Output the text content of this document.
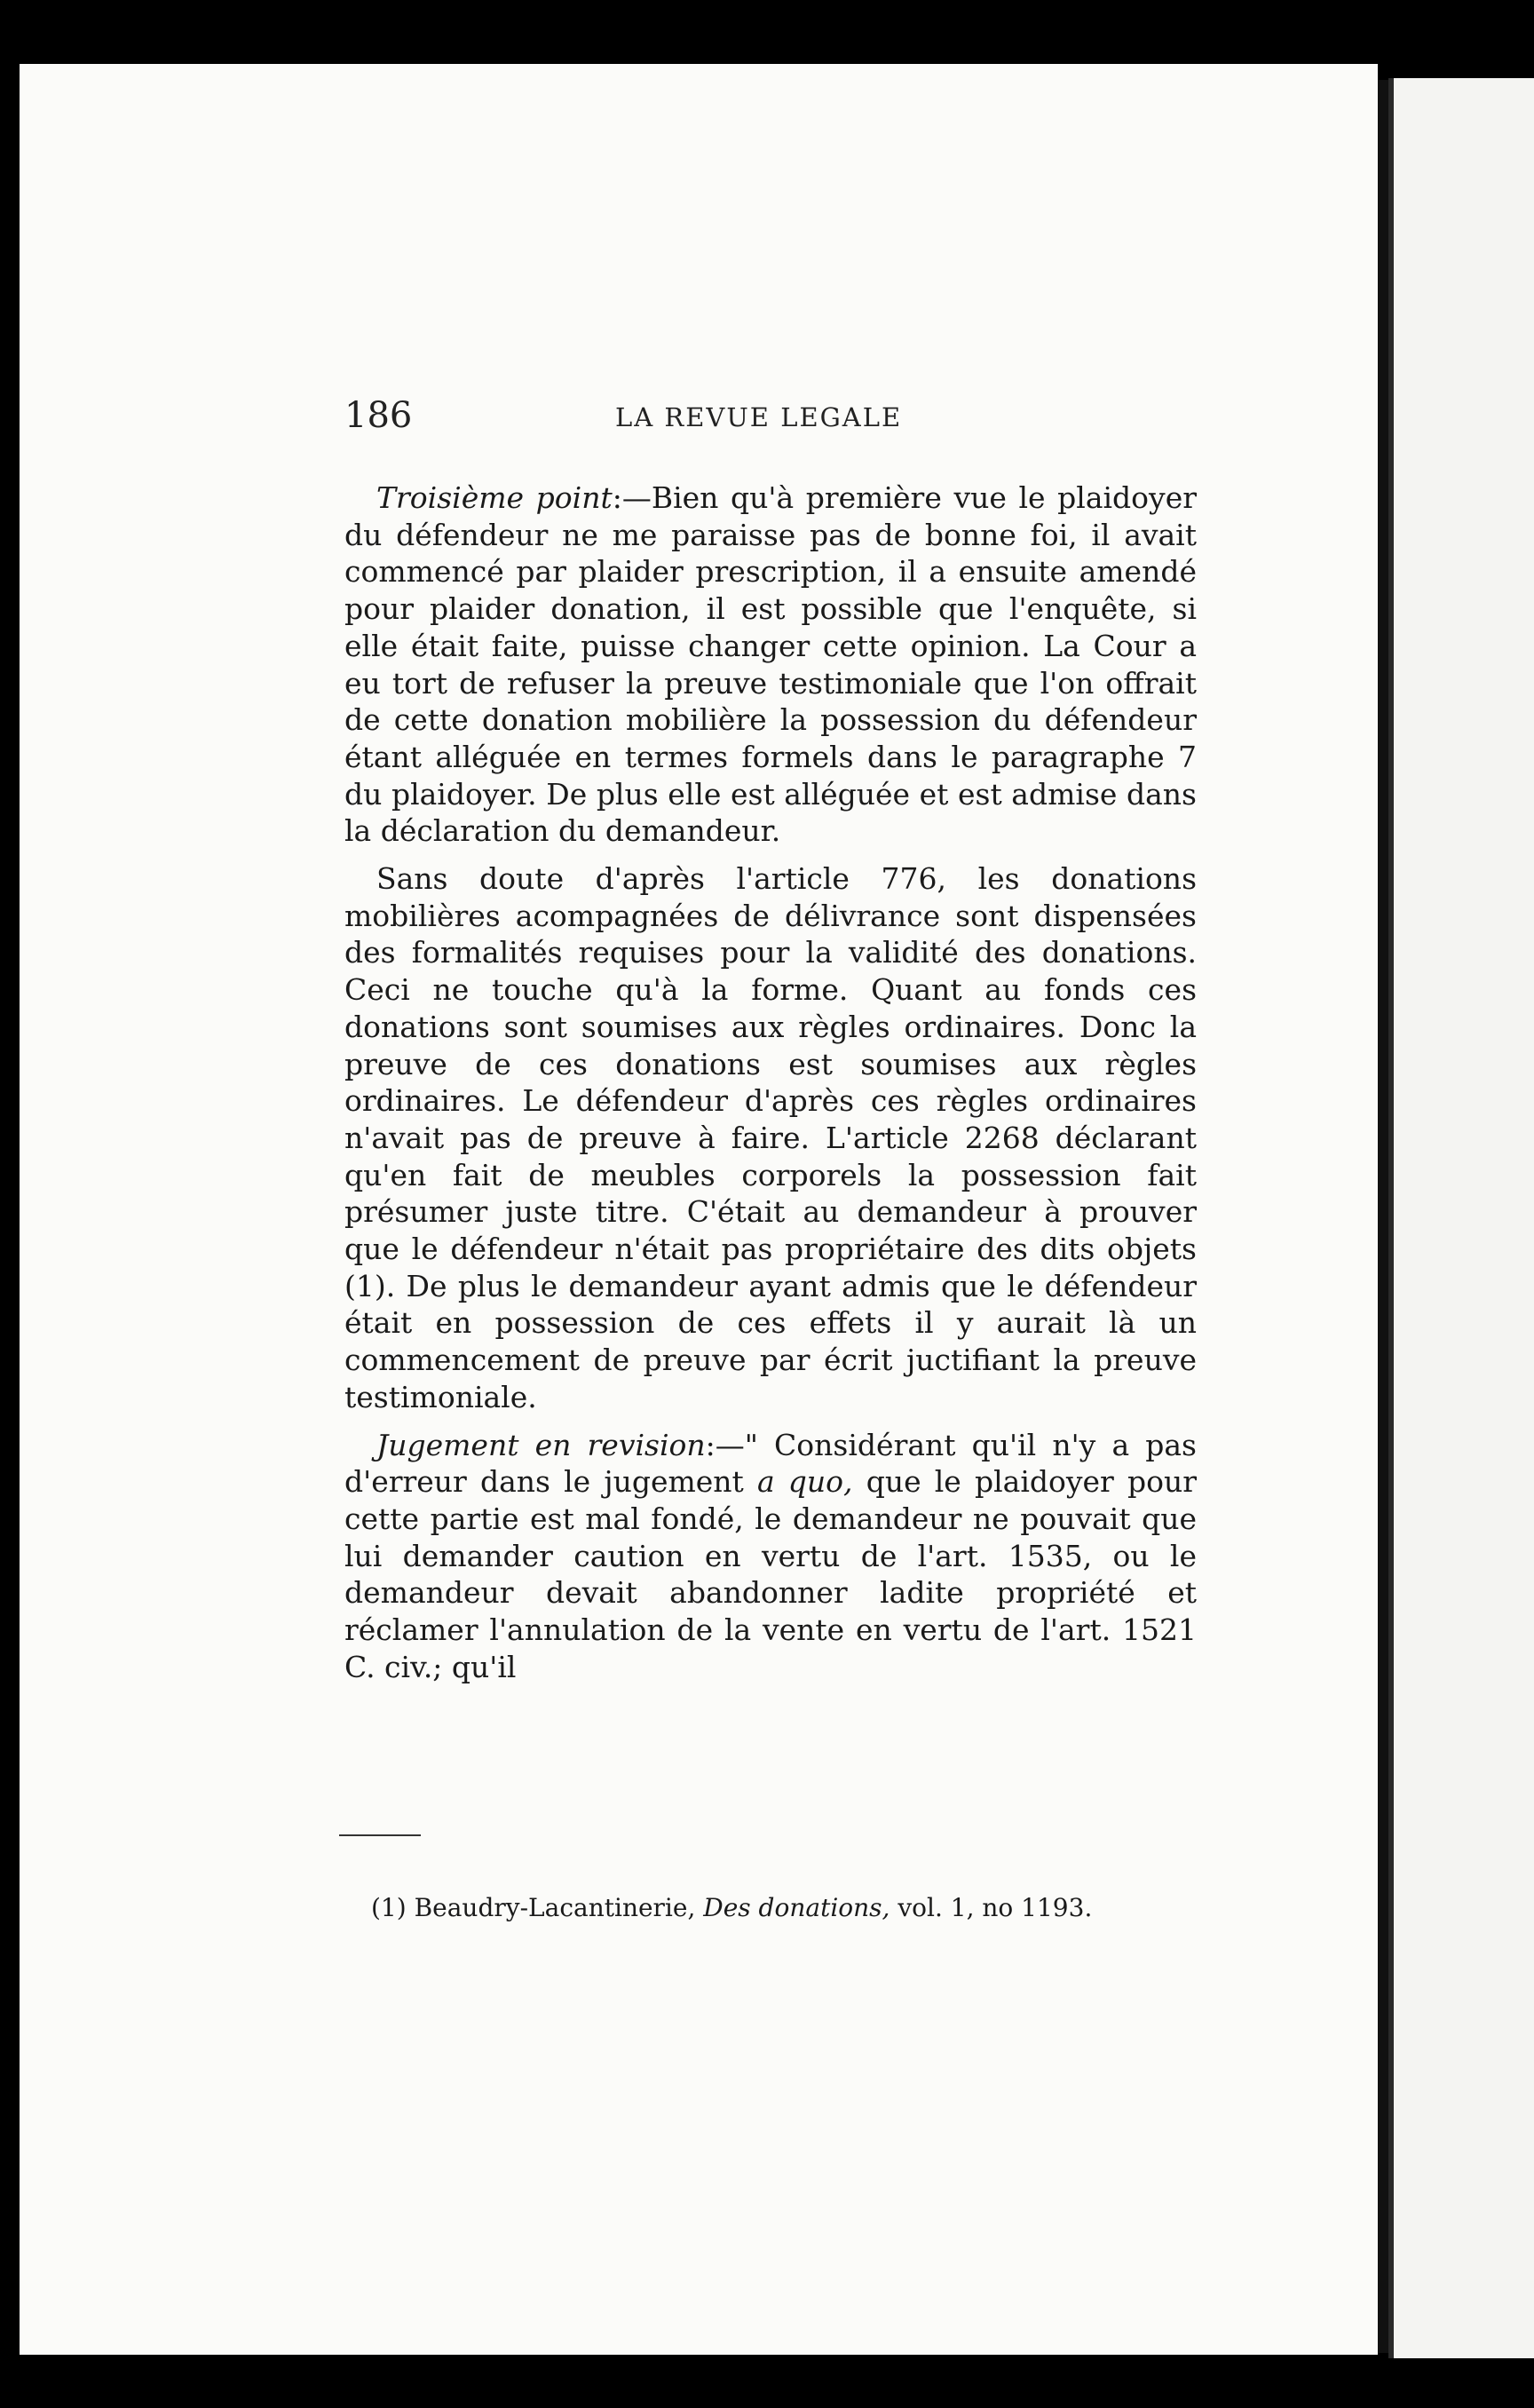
186	LA REVUE LEGALE

Troisième point:—Bien qu'à première vue le plaidoyer du défendeur ne me paraisse pas de bonne foi, il avait commencé par plaider prescription, il a ensuite amendé pour plaider donation, il est possible que l'enquête, si elle était faite, puisse changer cette opinion. La Cour a eu tort de refuser la preuve testimoniale que l'on offrait de cette donation mobilière la possession du défendeur étant alléguée en termes formels dans le paragraphe 7 du plaidoyer. De plus elle est alléguée et est admise dans la déclaration du demandeur.

Sans doute d'après l'article 776, les donations mobilières acompagnées de délivrance sont dispensées des formalités requises pour la validité des donations. Ceci ne touche qu'à la forme. Quant au fonds ces donations sont soumises aux règles ordinaires. Donc la preuve de ces donations est soumises aux règles ordinaires. Le défendeur d'après ces règles ordinaires n'avait pas de preuve à faire. L'article 2268 déclarant qu'en fait de meubles corporels la possession fait présumer juste titre. C'était au demandeur à prouver que le défendeur n'était pas propriétaire des dits objets (1). De plus le demandeur ayant admis que le défendeur était en possession de ces effets il y aurait là un commencement de preuve par écrit juctifiant la preuve testimoniale.

Jugement en revision:—" Considérant qu'il n'y a pas d'erreur dans le jugement a quo, que le plaidoyer pour cette partie est mal fondé, le demandeur ne pouvait que lui demander caution en vertu de l'art. 1535, ou le demandeur devait abandonner ladite propriété et réclamer l'annulation de la vente en vertu de l'art. 1521 C. civ.; qu'il

(1) Beaudry-Lacantinerie, Des donations, vol. 1, no 1193.
